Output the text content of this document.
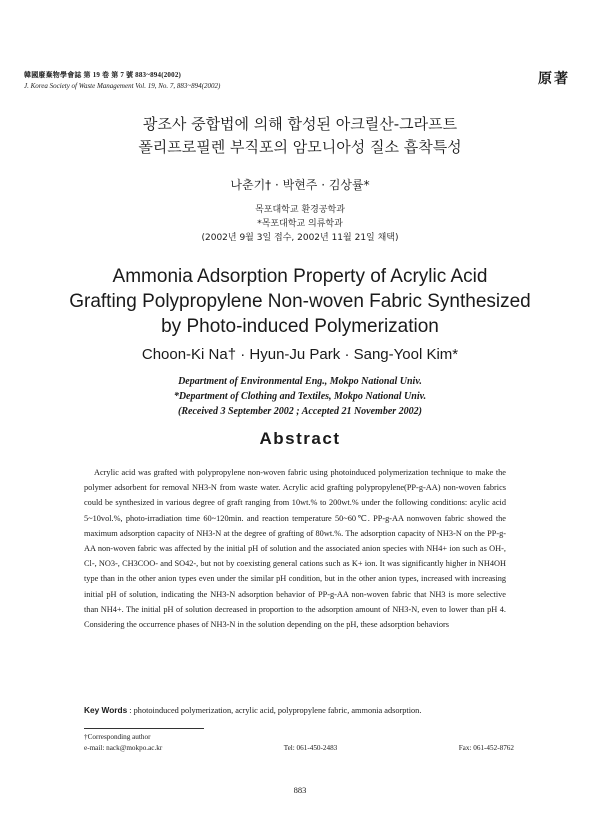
韓國廢棄物學會誌 第 19 卷 第 7 號 883~894(2002)
J. Korea Society of Waste Management Vol. 19, No. 7, 883~894(2002)	原著
광조사 중합법에 의해 합성된 아크릴산-그라프트
폴리프로필렌 부직포의 암모니아성 질소 흡착특성
나춘기† · 박현주 · 김상률*
목포대학교 환경공학과
*목포대학교 의류학과
(2002년 9월 3일 접수, 2002년 11월 21일 채택)
Ammonia Adsorption Property of Acrylic Acid
Grafting Polypropylene Non-woven Fabric Synthesized
by Photo-induced Polymerization
Choon-Ki Na† · Hyun-Ju Park · Sang-Yool Kim*
Department of Environmental Eng., Mokpo National Univ.
*Department of Clothing and Textiles, Mokpo National Univ.
(Received 3 September 2002 ; Accepted 21 November 2002)
Abstract

Acrylic acid was grafted with polypropylene non-woven fabric using photoinduced polymerization technique to make the polymer adsorbent for removal NH3-N from waste water. Acrylic acid grafting polypropylene(PP-g-AA) non-woven fabrics could be synthesized in various degree of graft ranging from 10wt.% to 200wt.% under the following conditions: acylic acid 5~10vol.%, photo-irradiation time 60~120min. and reaction temperature 50~60℃. PP-g-AA nonwoven fabric showed the maximum adsorption capacity of NH3-N at the degree of grafting of 80wt.%. The adsorption capacity of NH3-N on the PP-g-AA non-woven fabric was affected by the initial pH of solution and the associated anion species with NH4+ ion such as OH-, Cl-, NO3-, CH3COO- and SO42-, but not by coexisting general cations such as K+ ion. It was significantly higher in NH4OH type than in the other anion types even under the similar pH condition, but in the other anion types, increased with increasing initial pH of solution, indicating the NH3-N adsorption behavior of PP-g-AA non-woven fabric that NH3 is more selective than NH4+. The initial pH of solution decreased in proportion to the adsorption amount of NH3-N, even to lower than pH 4. Considering the occurrence phases of NH3-N in the solution depending on the pH, these adsorption behaviors

Key Words : photoinduced polymerization, acrylic acid, polypropylene fabric, ammonia adsorption.
†Corresponding author
e-mail: nack@mokpo.ac.kr	Tel: 061-450-2483	Fax: 061-452-8762
883
